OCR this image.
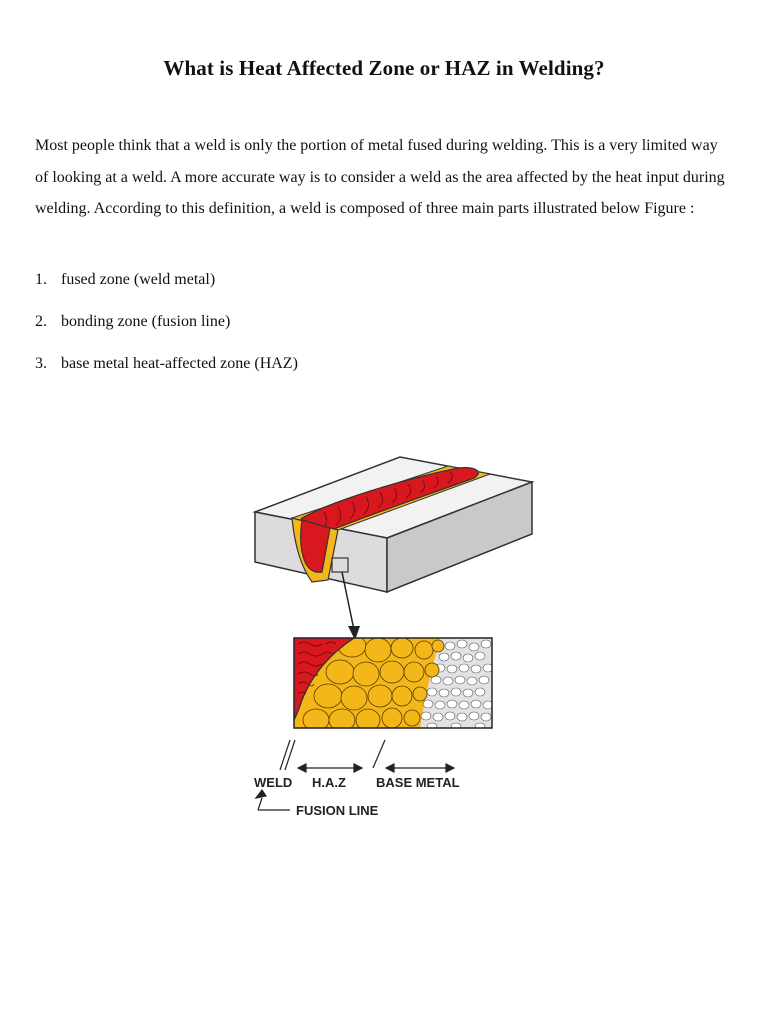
What is Heat Affected Zone or HAZ in Welding?

Most people think that a weld is only the portion of metal fused during welding. This is a very limited way of looking at a weld. A more accurate way is to consider a weld as the area affected by the heat input during welding. According to this definition, a weld is composed of three main parts illustrated below Figure :

1. fused zone (weld metal)
2. bonding zone (fusion line)
3. base metal heat-affected zone (HAZ)
WELD H.A.Z BASE METAL
FUSION LINE
